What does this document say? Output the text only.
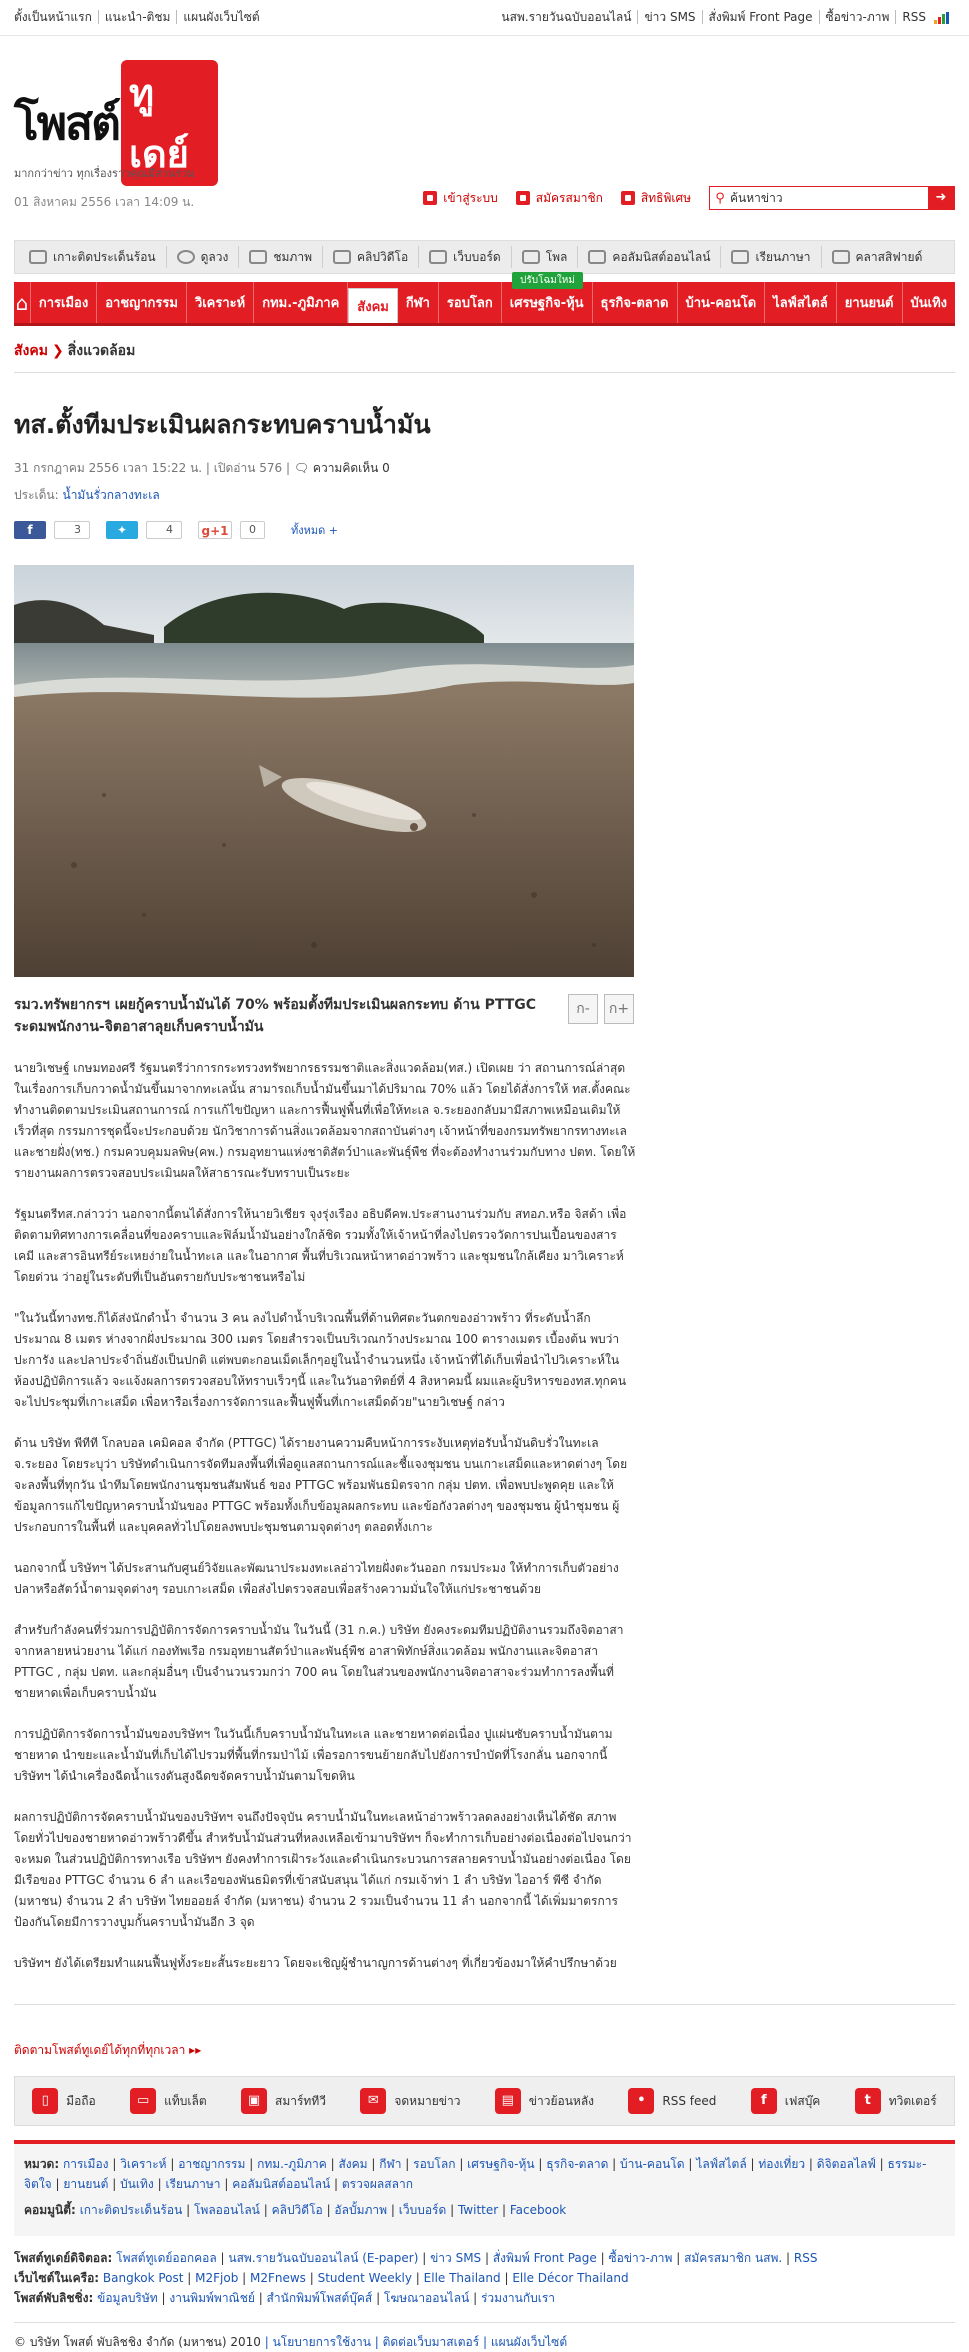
ตั้งเป็นหน้าแรก แนะนำ-ติชม แผนผังเว็บไซต์	นสพ.รายวันฉบับออนไลน์ ข่าว SMS สั่งพิมพ์ Front Page ซื้อข่าว-ภาพ RSS
โพสต์
ทูเดย์
มากกว่าข่าว ทุกเรื่องราวคุณมีส่วนร่วม
01 สิงหาคม 2556 เวลา 14:09 น.	เข้าสู่ระบบ	สมัครสมาชิก	สิทธิพิเศษ	⚲
ค้นหาข่าว	➜
เกาะติดประเด็นร้อน	ดูลวง	ชมภาพ	คลิปวิดีโอ	เว็บบอร์ด	โพล	คอลัมนิสต์ออนไลน์	เรียนภาษา	คลาสสิฟายด์
⌂ การเมือง	อาชญากรรม	วิเคราะห์	กทม.-ภูมิภาค	สังคม	กีฬา	รอบโลก	เศรษฐกิจ-หุ้น	ธุรกิจ-ตลาด	บ้าน-คอนโด	ไลฟ์สไตล์	ยานยนต์	บันเทิง
ปรับโฉมใหม่
สังคม ❯ สิ่งแวดล้อม
ทส.ตั้งทีมประเมินผลกระทบคราบน้ำมัน
31 กรกฎาคม 2556 เวลา 15:22 น. | เปิดอ่าน 576 | 🗨 ความคิดเห็น 0
ประเด็น: น้ำมันรั่วกลางทะเล
f	3	✦	4	g+1	0	ทั้งหมด +

รมว.ทรัพยากรฯ เผยกู้คราบน้ำมันได้ 70% พร้อมตั้งทีมประเมินผลกระทบ ด้าน PTTGC ระดมพนักงาน-จิตอาสาลุยเก็บคราบน้ำมัน

ก-	ก+

นายวิเชษฐ์ เกษมทองศรี รัฐมนตรีว่าการกระทรวงทรัพยากรธรรมชาติและสิ่งแวดล้อม(ทส.) เปิดเผย ว่า สถานการณ์ล่าสุดในเรื่องการเก็บกวาดน้ำมันขึ้นมาจากทะเลนั้น สามารถเก็บน้ำมันขึ้นมาได้ปริมาณ 70% แล้ว โดยได้สั่งการให้ ทส.ตั้งคณะทำงานติดตามประเมินสถานการณ์ การแก้ไขปัญหา และการฟื้นฟูพื้นที่เพื่อให้ทะเล จ.ระยองกลับมามีสภาพเหมือนเดิมให้เร็วที่สุด กรรมการชุดนี้จะประกอบด้วย นักวิชาการด้านสิ่งแวดล้อมจากสถาบันต่างๆ เจ้าหน้าที่ของกรมทรัพยากรทางทะเลและชายฝั่ง(ทช.) กรมควบคุมมลพิษ(คพ.) กรมอุทยานแห่งชาติสัตว์ป่าและพันธุ์พืช ที่จะต้องทำงานร่วมกับทาง ปตท. โดยให้รายงานผลการตรวจสอบประเมินผลให้สาธารณะรับทราบเป็นระยะ

รัฐมนตรีทส.กล่าวว่า นอกจากนี้ตนได้สั่งการให้นายวิเชียร จุงรุ่งเรือง อธิบดีคพ.ประสานงานร่วมกับ สทอภ.หรือ จิสด้า เพื่อติดตามทิศทางการเคลื่อนที่ของคราบและฟิล์มน้ำมันอย่างใกล้ชิด รวมทั้งให้เจ้าหน้าที่ลงไปตรวจวัดการปนเปื้อนของสารเคมี และสารอินทรีย์ระเหยง่ายในน้ำทะเล และในอากาศ พื้นที่บริเวณหน้าหาดอ่าวพร้าว และชุมชนใกล้เคียง มาวิเคราะห์โดยด่วน ว่าอยู่ในระดับที่เป็นอันตรายกับประชาชนหรือไม่

"ในวันนี้ทางทช.ก็ได้ส่งนักดำน้ำ จำนวน 3 คน ลงไปดำน้ำบริเวณพื้นที่ด้านทิศตะวันตกของอ่าวพร้าว ที่ระดับน้ำลึกประมาณ 8 เมตร ห่างจากฝั่งประมาณ 300 เมตร โดยสำรวจเป็นบริเวณกว้างประมาณ 100 ตารางเมตร เบื้องต้น พบว่าปะการัง และปลาประจำถิ่นยังเป็นปกติ แต่พบตะกอนเม็ดเล็กๆอยู่ในน้ำจำนวนหนึ่ง เจ้าหน้าที่ได้เก็บเพื่อนำไปวิเคราะห์ในห้องปฏิบัติการแล้ว จะแจ้งผลการตรวจสอบให้ทราบเร็วๆนี้ และในวันอาทิตย์ที่ 4 สิงหาคมนี้ ผมและผู้บริหารของทส.ทุกคนจะไปประชุมที่เกาะเสม็ด เพื่อหารือเรื่องการจัดการและฟื้นฟูพื้นที่เกาะเสม็ดด้วย"นายวิเชษฐ์ กล่าว

ด้าน บริษัท พีทีที โกลบอล เคมิคอล จำกัด (PTTGC) ได้รายงานความคืบหน้าการระงับเหตุท่อรับน้ำมันดิบรั่วในทะเล จ.ระยอง โดยระบุว่า บริษัทดำเนินการจัดทีมลงพื้นที่เพื่อดูแลสถานการณ์และชี้แจงชุมชน บนเกาะเสม็ดและหาดต่างๆ โดยจะลงพื้นที่ทุกวัน นำทีมโดยพนักงานชุมชนสัมพันธ์ ของ PTTGC พร้อมพันธมิตรจาก กลุ่ม ปตท. เพื่อพบปะพูดคุย และให้ข้อมูลการแก้ไขปัญหาคราบน้ำมันของ PTTGC พร้อมทั้งเก็บข้อมูลผลกระทบ และข้อกังวลต่างๆ ของชุมชน ผู้นำชุมชน ผู้ประกอบการในพื้นที่ และบุคคลทั่วไปโดยลงพบปะชุมชนตามจุดต่างๆ ตลอดทั้งเกาะ

นอกจากนี้ บริษัทฯ ได้ประสานกับศูนย์วิจัยและพัฒนาประมงทะเลอ่าวไทยฝั่งตะวันออก กรมประมง ให้ทำการเก็บตัวอย่างปลาหรือสัตว์น้ำตามจุดต่างๆ รอบเกาะเสม็ด เพื่อส่งไปตรวจสอบเพื่อสร้างความมั่นใจให้แก่ประชาชนด้วย

สำหรับกำลังคนที่ร่วมการปฏิบัติการจัดการคราบน้ำมัน ในวันนี้ (31 ก.ค.) บริษัท ยังคงระดมทีมปฏิบัติงานรวมถึงจิตอาสาจากหลายหน่วยงาน ได้แก่ กองทัพเรือ กรมอุทยานสัตว์ป่าและพันธุ์พืช อาสาพิทักษ์สิ่งแวดล้อม พนักงานและจิตอาสา PTTGC , กลุ่ม ปตท. และกลุ่มอื่นๆ เป็นจำนวนรวมกว่า 700 คน โดยในส่วนของพนักงานจิตอาสาจะร่วมทำการลงพื้นที่ชายหาดเพื่อเก็บคราบน้ำมัน

การปฏิบัติการจัดการน้ำมันของบริษัทฯ ในวันนี้เก็บคราบน้ำมันในทะเล และชายหาดต่อเนื่อง ปูแผ่นซับคราบน้ำมันตามชายหาด นำขยะและน้ำมันที่เก็บได้ไปรวมที่พื้นที่กรมป่าไม้ เพื่อรอการขนย้ายกลับไปยังการบำบัดที่โรงกลั่น นอกจากนี้ บริษัทฯ ได้นำเครื่องฉีดน้ำแรงดันสูงฉีดขจัดคราบน้ำมันตามโขดหิน

ผลการปฏิบัติการจัดคราบน้ำมันของบริษัทฯ จนถึงปัจจุบัน คราบน้ำมันในทะเลหน้าอ่าวพร้าวลดลงอย่างเห็นได้ชัด สภาพโดยทั่วไปของชายหาดอ่าวพร้าวดีขึ้น สำหรับน้ำมันส่วนที่หลงเหลือเข้ามาบริษัทฯ ก็จะทำการเก็บอย่างต่อเนื่องต่อไปจนกว่าจะหมด ในส่วนปฏิบัติการทางเรือ บริษัทฯ ยังคงทำการเฝ้าระวังและดำเนินกระบวนการสลายคราบน้ำมันอย่างต่อเนื่อง โดยมีเรือของ PTTGC จำนวน 6 ลำ และเรือของพันธมิตรที่เข้าสนับสนุน ได้แก่ กรมเจ้าท่า 1 ลำ บริษัท ไออาร์ พีซี จำกัด (มหาชน) จำนวน 2 ลำ บริษัท ไทยออยล์ จำกัด (มหาชน) จำนวน 2 รวมเป็นจำนวน 11 ลำ นอกจากนี้ ได้เพิ่มมาตรการป้องกันโดยมีการวางบูมกั้นคราบน้ำมันอีก 3 จุด

บริษัทฯ ยังได้เตรียมทำแผนฟื้นฟูทั้งระยะสั้นระยะยาว โดยจะเชิญผู้ชำนาญการด้านต่างๆ ที่เกี่ยวข้องมาให้คำปรึกษาด้วย

ติดตามโพสต์ทูเดย์ได้ทุกที่ทุกเวลา ▸▸
▯	มือถือ	▭	แท็บเล็ต	▣	สมาร์ททีวี	✉	จดหมายข่าว	▤	ข่าวย้อนหลัง	•	RSS feed	f	เฟสบุ๊ค	t	ทวิตเตอร์
หมวด: การเมือง | วิเคราะห์ | อาชญากรรม | กทม.-ภูมิภาค | สังคม | กีฬา | รอบโลก | เศรษฐกิจ-หุ้น | ธุรกิจ-ตลาด | บ้าน-คอนโด | ไลฟ์สไตล์ | ท่องเที่ยว | ดิจิตอลไลฟ์ | ธรรมะ-จิตใจ | ยานยนต์ | บันเทิง | เรียนภาษา | คอลัมนิสต์ออนไลน์ | ตรวจผลสลาก
คอมมูนิตี้: เกาะติดประเด็นร้อน | โพลออนไลน์ | คลิปวิดีโอ | อัลบั้มภาพ | เว็บบอร์ด | Twitter | Facebook
โพสต์ทูเดย์ดิจิตอล: โพสต์ทูเดย์ออกคอล | นสพ.รายวันฉบับออนไลน์ (E-paper) | ข่าว SMS | สั่งพิมพ์ Front Page | ซื้อข่าว-ภาพ | สมัครสมาชิก นสพ. | RSS
เว็บไซต์ในเครือ: Bangkok Post | M2Fjob | M2Fnews | Student Weekly | Elle Thailand | Elle Décor Thailand
โพสต์พับลิชชิ่ง: ข้อมูลบริษัท | งานพิมพ์พาณิชย์ | สำนักพิมพ์โพสต์บุ๊คส์ | โฆษณาออนไลน์ | ร่วมงานกับเรา
© บริษัท โพสต์ พับลิชชิง จำกัด (มหาชน) 2010 | นโยบายการใช้งาน | ติดต่อเว็บมาสเตอร์ | แผนผังเว็บไซต์
